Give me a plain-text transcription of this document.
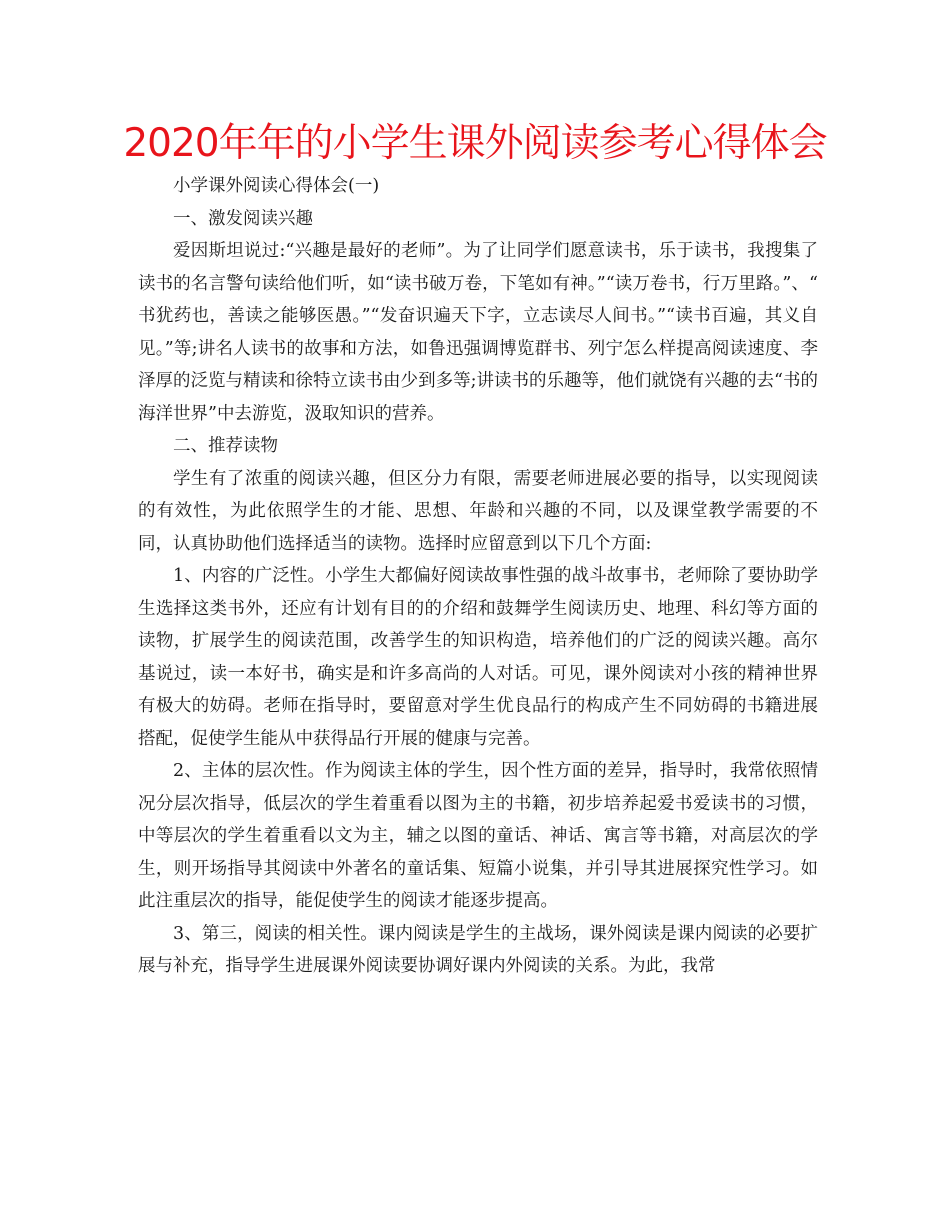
2020年年的小学生课外阅读参考心得体会

小学课外阅读心得体会(一)

一、激发阅读兴趣

爱因斯坦说过:“兴趣是最好的老师”。为了让同学们愿意读书，乐于读书，我搜集了读书的名言警句读给他们听，如“读书破万卷，下笔如有神。”“读万卷书，行万里路。”、“ 书犹药也，善读之能够医愚。”“发奋识遍天下字，立志读尽人间书。”“读书百遍，其义自见。”等;讲名人读书的故事和方法，如鲁迅强调博览群书、列宁怎么样提高阅读速度、李泽厚的泛览与精读和徐特立读书由少到多等;讲读书的乐趣等，他们就饶有兴趣的去“书的海洋世界”中去游览，汲取知识的营养。

二、推荐读物

学生有了浓重的阅读兴趣，但区分力有限，需要老师进展必要的指导，以实现阅读的有效性，为此依照学生的才能、思想、年龄和兴趣的不同，以及课堂教学需要的不同，认真协助他们选择适当的读物。选择时应留意到以下几个方面:

1、内容的广泛性。小学生大都偏好阅读故事性强的战斗故事书，老师除了要协助学生选择这类书外，还应有计划有目的的介绍和鼓舞学生阅读历史、地理、科幻等方面的读物，扩展学生的阅读范围，改善学生的知识构造，培养他们的广泛的阅读兴趣。高尔基说过，读一本好书，确实是和许多高尚的人对话。可见，课外阅读对小孩的精神世界有极大的妨碍。老师在指导时，要留意对学生优良品行的构成产生不同妨碍的书籍进展搭配，促使学生能从中获得品行开展的健康与完善。

2、主体的层次性。作为阅读主体的学生，因个性方面的差异，指导时，我常依照情况分层次指导，低层次的学生着重看以图为主的书籍，初步培养起爱书爱读书的习惯，中等层次的学生着重看以文为主，辅之以图的童话、神话、寓言等书籍，对高层次的学生，则开场指导其阅读中外著名的童话集、短篇小说集，并引导其进展探究性学习。如此注重层次的指导，能促使学生的阅读才能逐步提高。

3、第三，阅读的相关性。课内阅读是学生的主战场，课外阅读是课内阅读的必要扩展与补充，指导学生进展课外阅读要协调好课内外阅读的关系。为此，我常
